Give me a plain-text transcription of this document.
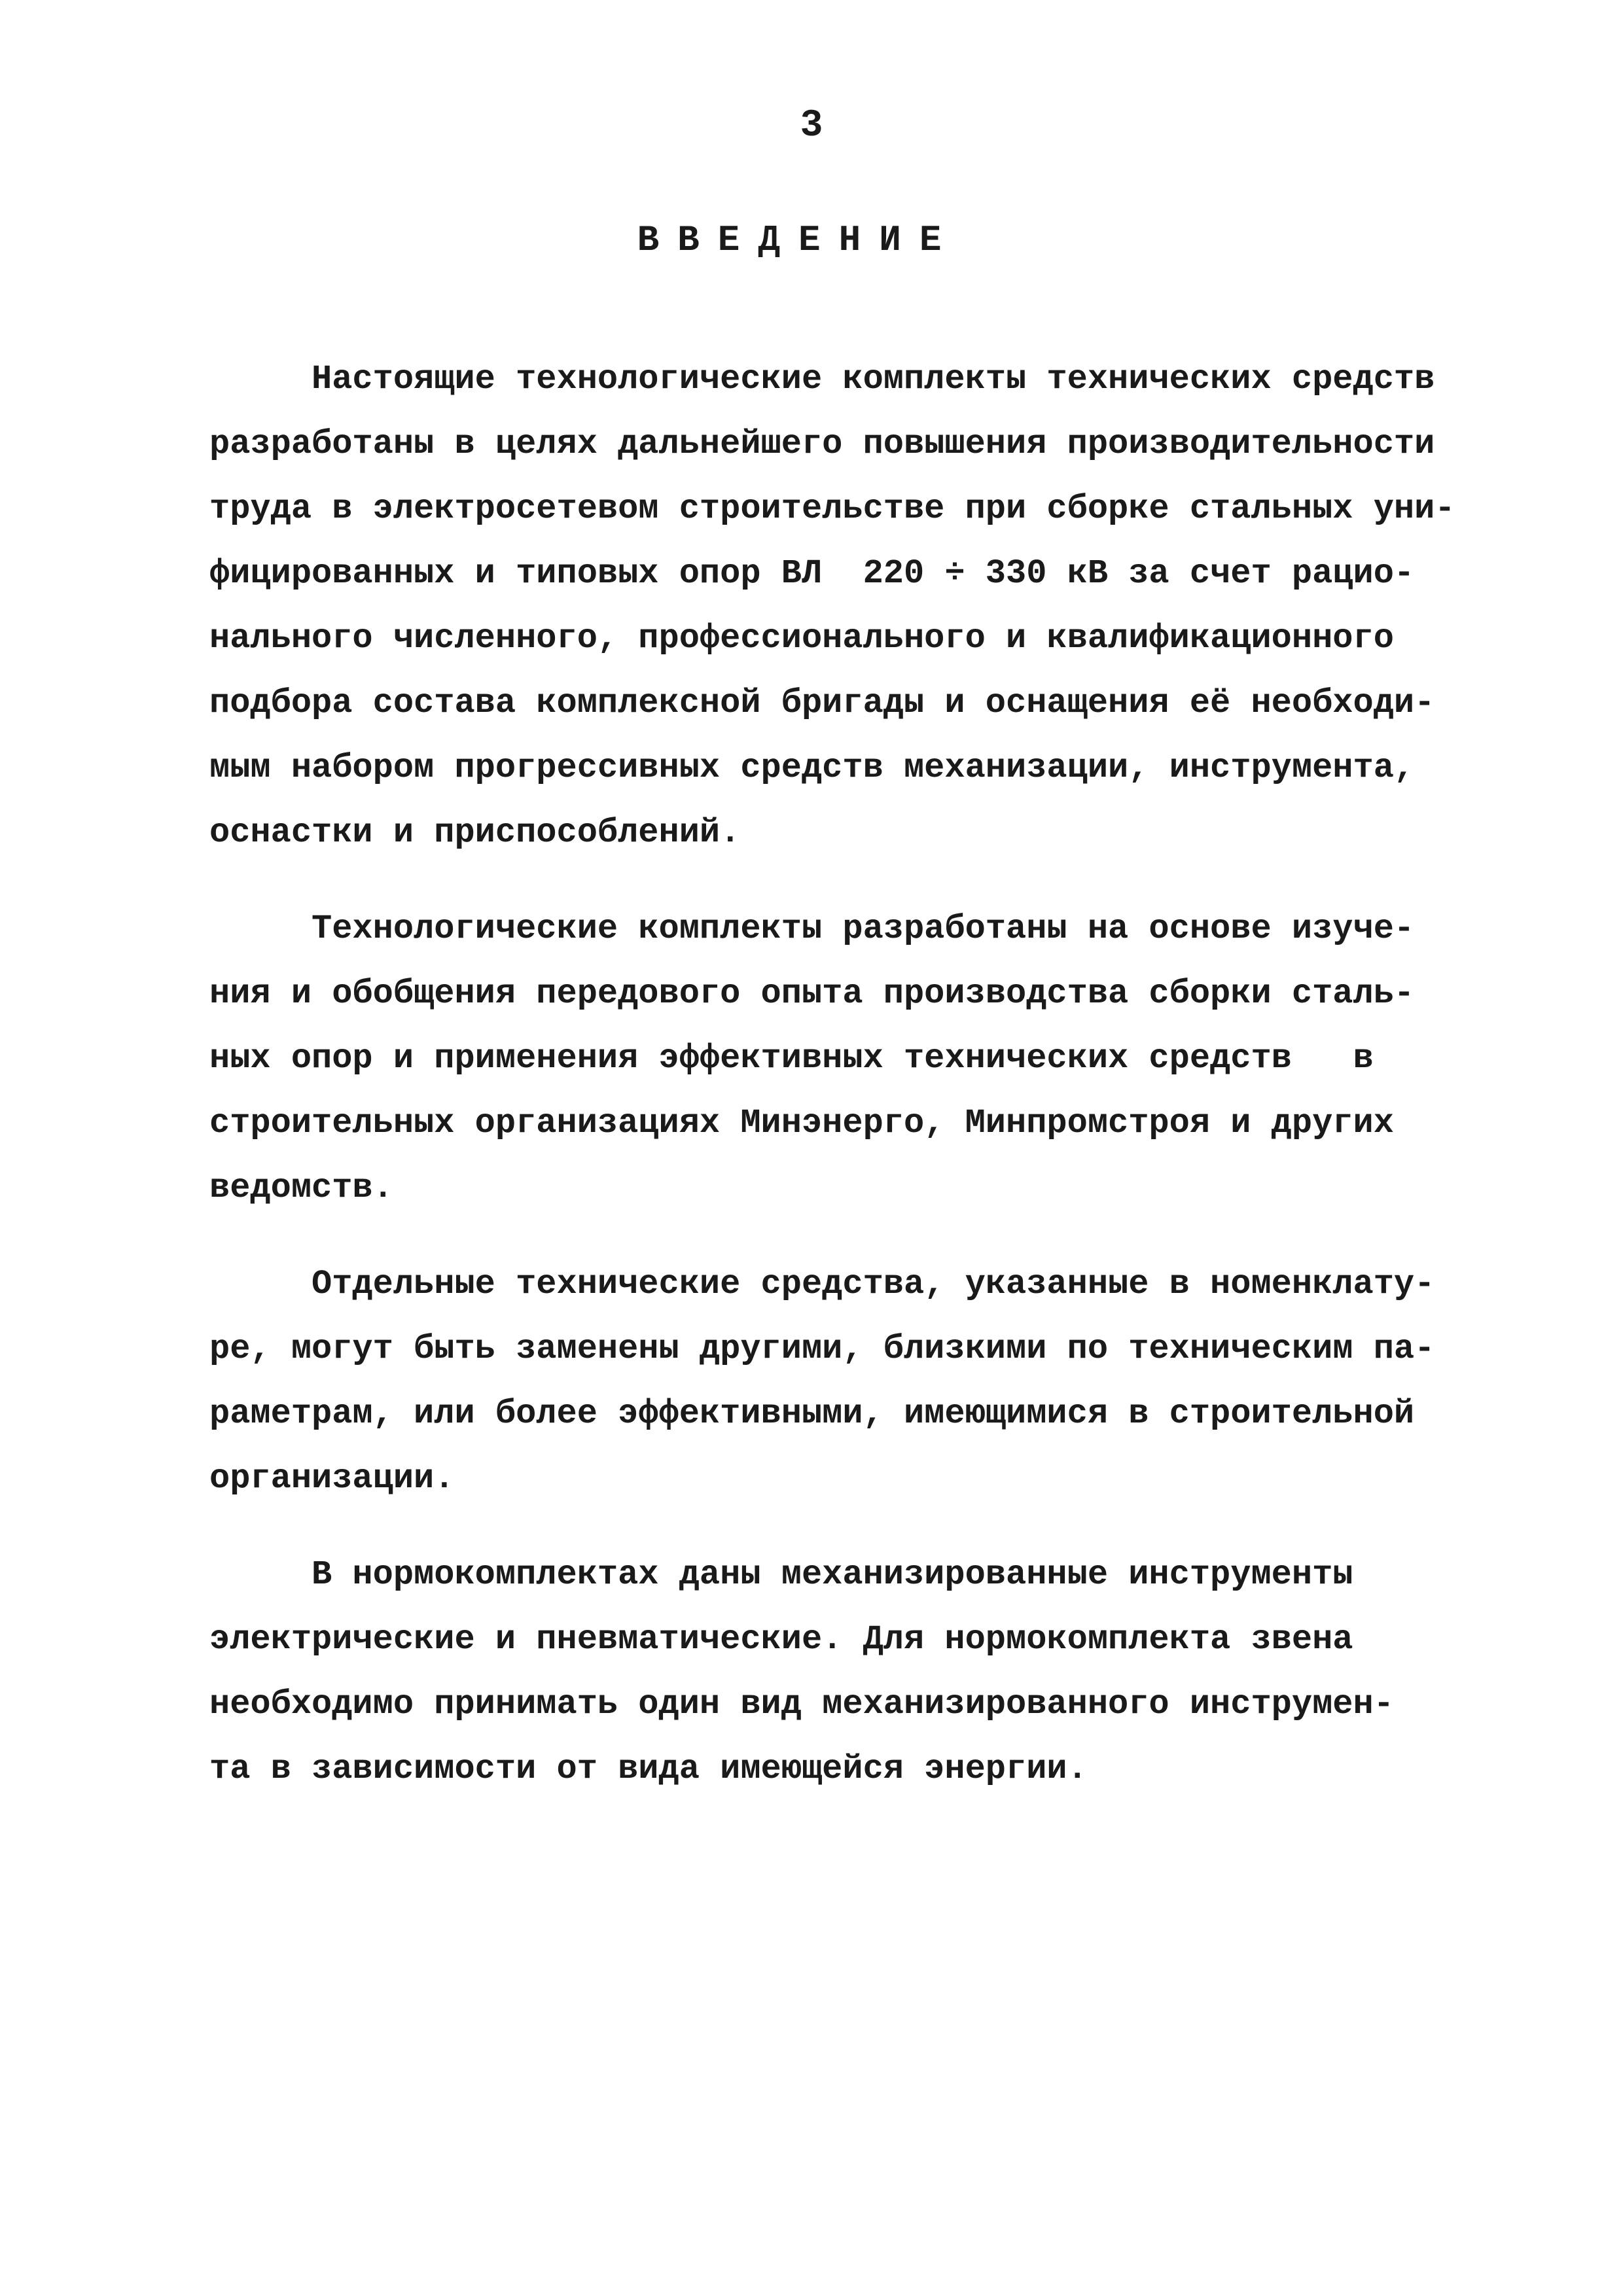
3
ВВЕДЕНИЕ

Настоящие технологические комплекты технических средств
разработаны в целях дальнейшего повышения производительности
труда в электросетевом строительстве при сборке стальных уни-
фицированных и типовых опор ВЛ  220 ÷ 330 кВ за счет рацио-
нального численного, профессионального и квалификационного
подбора состава комплексной бригады и оснащения её необходи-
мым набором прогрессивных средств механизации, инструмента,
оснастки и приспособлений.

Технологические комплекты разработаны на основе изуче-
ния и обобщения передового опыта производства сборки сталь-
ных опор и применения эффективных технических средств   в
строительных организациях Минэнерго, Минпромстроя и других
ведомств.

Отдельные технические средства, указанные в номенклату-
ре, могут быть заменены другими, близкими по техническим па-
раметрам, или более эффективными, имеющимися в строительной
организации.

В нормокомплектах даны механизированные инструменты
электрические и пневматические. Для нормокомплекта звена
необходимо принимать один вид механизированного инструмен-
та в зависимости от вида имеющейся энергии.
